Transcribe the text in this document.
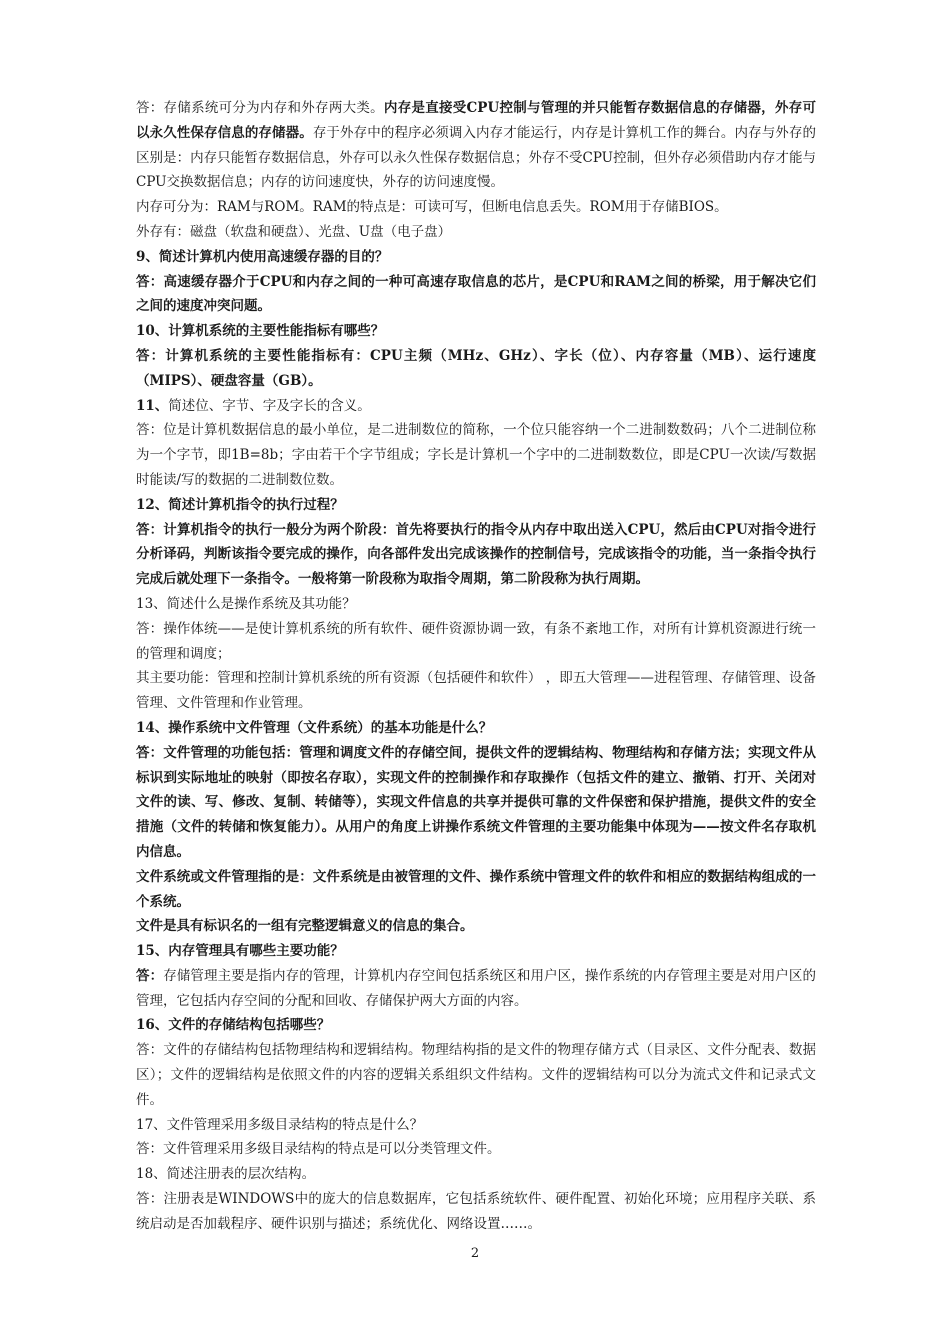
答：存储系统可分为内存和外存两大类。内存是直接受CPU控制与管理的并只能暂存数据信息的存储器，外存可以永久性保存信息的存储器。存于外存中的程序必须调入内存才能运行，内存是计算机工作的舞台。内存与外存的区别是：内存只能暂存数据信息，外存可以永久性保存数据信息；外存不受CPU控制，但外存必须借助内存才能与CPU交换数据信息；内存的访问速度快，外存的访问速度慢。

内存可分为：RAM与ROM。RAM的特点是：可读可写，但断电信息丢失。ROM用于存储BIOS。

外存有：磁盘（软盘和硬盘）、光盘、U盘（电子盘）

9、简述计算机内使用高速缓存器的目的？

答：高速缓存器介于CPU和内存之间的一种可高速存取信息的芯片，是CPU和RAM之间的桥梁，用于解决它们之间的速度冲突问题。

10、计算机系统的主要性能指标有哪些？

答：计算机系统的主要性能指标有：CPU主频（MHz、GHz）、字长（位）、内存容量（MB）、运行速度（MIPS）、硬盘容量（GB）。

11、简述位、字节、字及字长的含义。

答：位是计算机数据信息的最小单位，是二进制数位的简称，一个位只能容纳一个二进制数数码；八个二进制位称为一个字节，即1B=8b；字由若干个字节组成；字长是计算机一个字中的二进制数数位，即是CPU一次读/写数据时能读/写的数据的二进制数位数。

12、简述计算机指令的执行过程？

答：计算机指令的执行一般分为两个阶段：首先将要执行的指令从内存中取出送入CPU，然后由CPU对指令进行分析译码，判断该指令要完成的操作，向各部件发出完成该操作的控制信号，完成该指令的功能，当一条指令执行完成后就处理下一条指令。一般将第一阶段称为取指令周期，第二阶段称为执行周期。

13、简述什么是操作系统及其功能？

答：操作体统——是使计算机系统的所有软件、硬件资源协调一致，有条不紊地工作，对所有计算机资源进行统一的管理和调度；

其主要功能：管理和控制计算机系统的所有资源（包括硬件和软件） ，即五大管理——进程管理、存储管理、设备管理、文件管理和作业管理。

14、操作系统中文件管理（文件系统）的基本功能是什么？

答：文件管理的功能包括：管理和调度文件的存储空间，提供文件的逻辑结构、物理结构和存储方法；实现文件从标识到实际地址的映射（即按名存取），实现文件的控制操作和存取操作（包括文件的建立、撤销、打开、关闭对文件的读、写、修改、复制、转储等），实现文件信息的共享并提供可靠的文件保密和保护措施，提供文件的安全措施（文件的转储和恢复能力）。从用户的角度上讲操作系统文件管理的主要功能集中体现为——按文件名存取机内信息。

文件系统或文件管理指的是：文件系统是由被管理的文件、操作系统中管理文件的软件和相应的数据结构组成的一个系统。

文件是具有标识名的一组有完整逻辑意义的信息的集合。

15、内存管理具有哪些主要功能？

答：存储管理主要是指内存的管理，计算机内存空间包括系统区和用户区，操作系统的内存管理主要是对用户区的管理，它包括内存空间的分配和回收、存储保护两大方面的内容。

16、文件的存储结构包括哪些？

答：文件的存储结构包括物理结构和逻辑结构。物理结构指的是文件的物理存储方式（目录区、文件分配表、数据区）；文件的逻辑结构是依照文件的内容的逻辑关系组织文件结构。文件的逻辑结构可以分为流式文件和记录式文件。

17、文件管理采用多级目录结构的特点是什么？

答：文件管理采用多级目录结构的特点是可以分类管理文件。

18、简述注册表的层次结构。

答：注册表是WINDOWS中的庞大的信息数据库，它包括系统软件、硬件配置、初始化环境；应用程序关联、系统启动是否加载程序、硬件识别与描述；系统优化、网络设置……。

2
